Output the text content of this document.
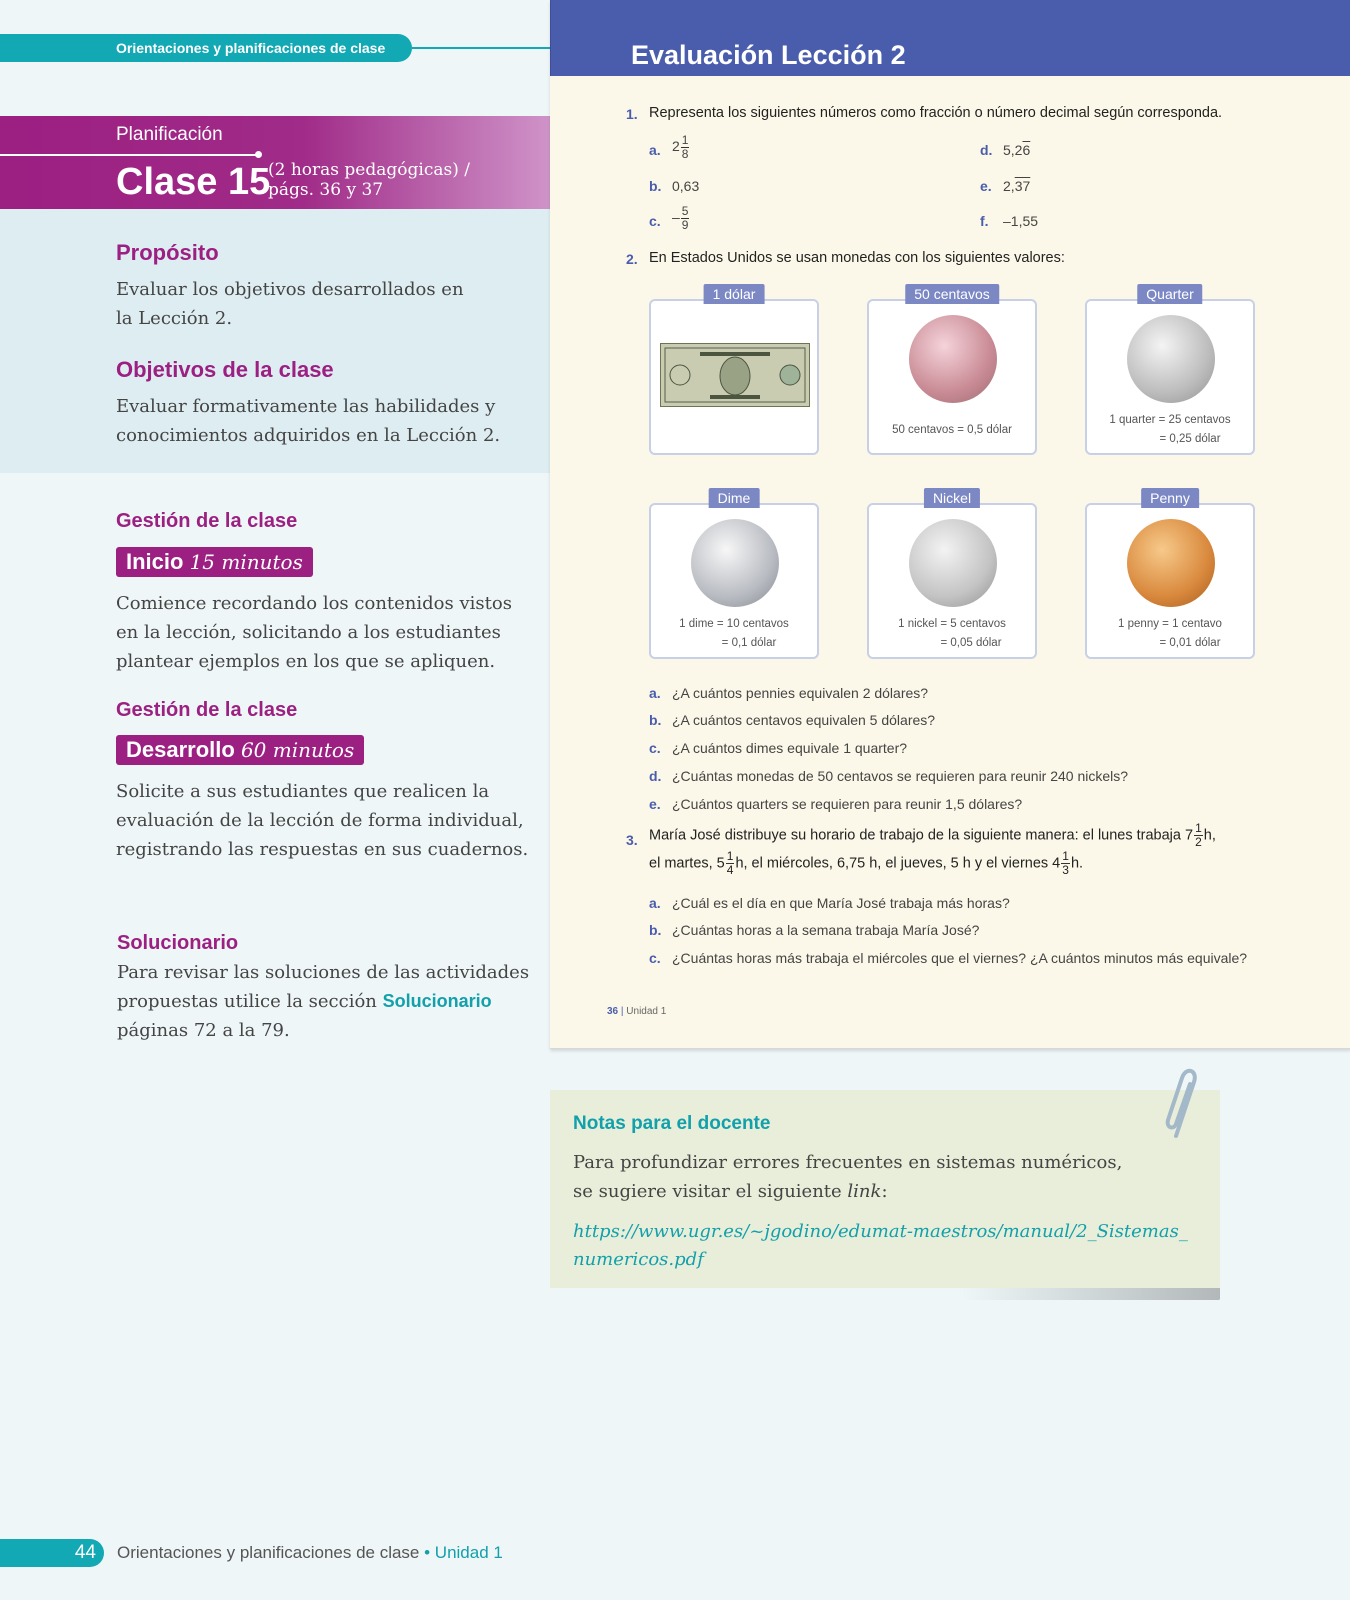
Orientaciones y planificaciones de clase
Planificación
Clase 15
(2 horas pedagógicas) /
págs. 36 y 37
Propósito
Evaluar los objetivos desarrollados en
la Lección 2.
Objetivos de la clase
Evaluar formativamente las habilidades y
conocimientos adquiridos en la Lección 2.
Gestión de la clase
Inicio 15 minutos
Comience recordando los contenidos vistos
en la lección, solicitando a los estudiantes
plantear ejemplos en los que se apliquen.
Gestión de la clase
Desarrollo 60 minutos
Solicite a sus estudiantes que realicen la
evaluación de la lección de forma individual,
registrando las respuestas en sus cuadernos.
Solucionario
Para revisar las soluciones de las actividades
propuestas utilice la sección Solucionario
páginas 72 a la 79.
Evaluación Lección 2
1. Representa los siguientes números como fracción o número decimal según corresponda.
a. $2 \frac{1}{8}$
b. 0,63
c. – $\frac{5}{9}$
d. 5,26
e. 2,37
f. –1,55
2. En Estados Unidos se usan monedas con los siguientes valores:
1 dólar	50 centavos
50 centavos = 0,5 dólar
Quarter
1 quarter = 25 centavos
= 0,25 dólar
Dime
1 dime = 10 centavos
= 0,1 dólar
Nickel
1 nickel = 5 centavos
= 0,05 dólar
Penny
1 penny = 1 centavo
= 0,01 dólar
a. ¿A cuántos pennies equivalen 2 dólares?
b. ¿A cuántos centavos equivalen 5 dólares?
c. ¿A cuántos dimes equivale 1 quarter?
d. ¿Cuántas monedas de 50 centavos se requieren para reunir 240 nickels?
e. ¿Cuántos quarters se requieren para reunir 1,5 dólares?
3. María José distribuye su horario de trabajo de la siguiente manera: el lunes trabaja $7 \frac{1}{2} h$,
el martes, $5 \frac{1}{4} h$, el miércoles, 6,75 h, el jueves, 5 h y el viernes $4 \frac{1}{3} h$.
a. ¿Cuál es el día en que María José trabaja más horas?
b. ¿Cuántas horas a la semana trabaja María José?
c. ¿Cuántas horas más trabaja el miércoles que el viernes? ¿A cuántos minutos más equivale?
36 | Unidad 1
Notas para el docente
Para profundizar errores frecuentes en sistemas numéricos,
se sugiere visitar el siguiente link:
https://www.ugr.es/~jgodino/edumat-maestros/manual/2_Sistemas_
numericos.pdf
44	Orientaciones y planificaciones de clase • Unidad 1
